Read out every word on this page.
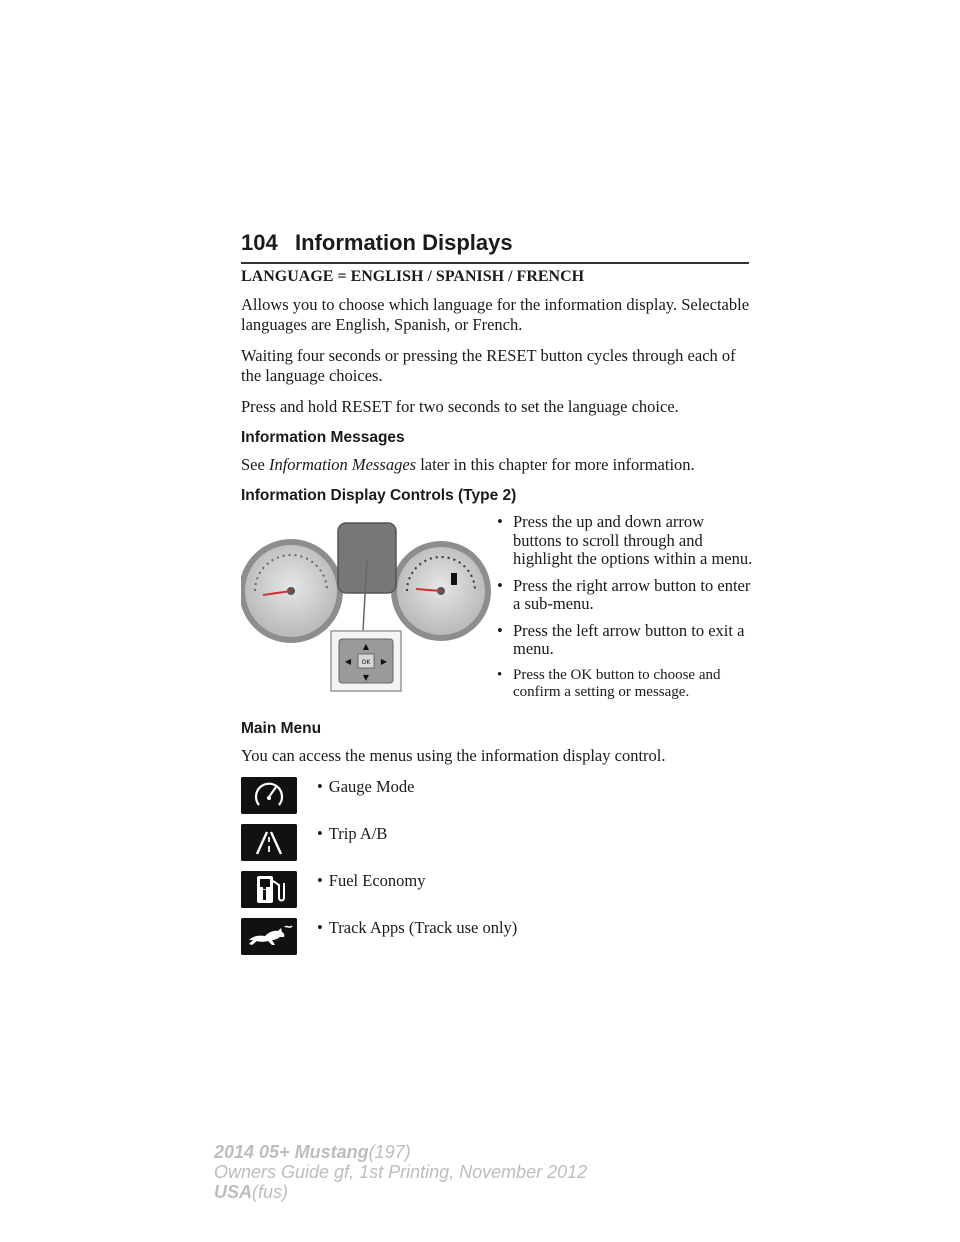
104 Information Displays
LANGUAGE = ENGLISH / SPANISH / FRENCH

Allows you to choose which language for the information display. Selectable languages are English, Spanish, or French.

Waiting four seconds or pressing the RESET button cycles through each of the language choices.

Press and hold RESET for two seconds to set the language choice.

Information Messages

See Information Messages later in this chapter for more information.

Information Display Controls (Type 2)
▲
▼
◀	▶
OK
• Press the up and down arrow buttons to scroll through and highlight the options within a menu.
• Press the right arrow button to enter a sub-menu.
• Press the left arrow button to exit a menu.
• Press the OK button to choose and confirm a setting or message.
Main Menu

You can access the menus using the information display control.

• Gauge Mode
• Trip A/B
• Fuel Economy
• Track Apps (Track use only)
2014 05+ Mustang(197)
Owners Guide gf, 1st Printing, November 2012
USA(fus)
